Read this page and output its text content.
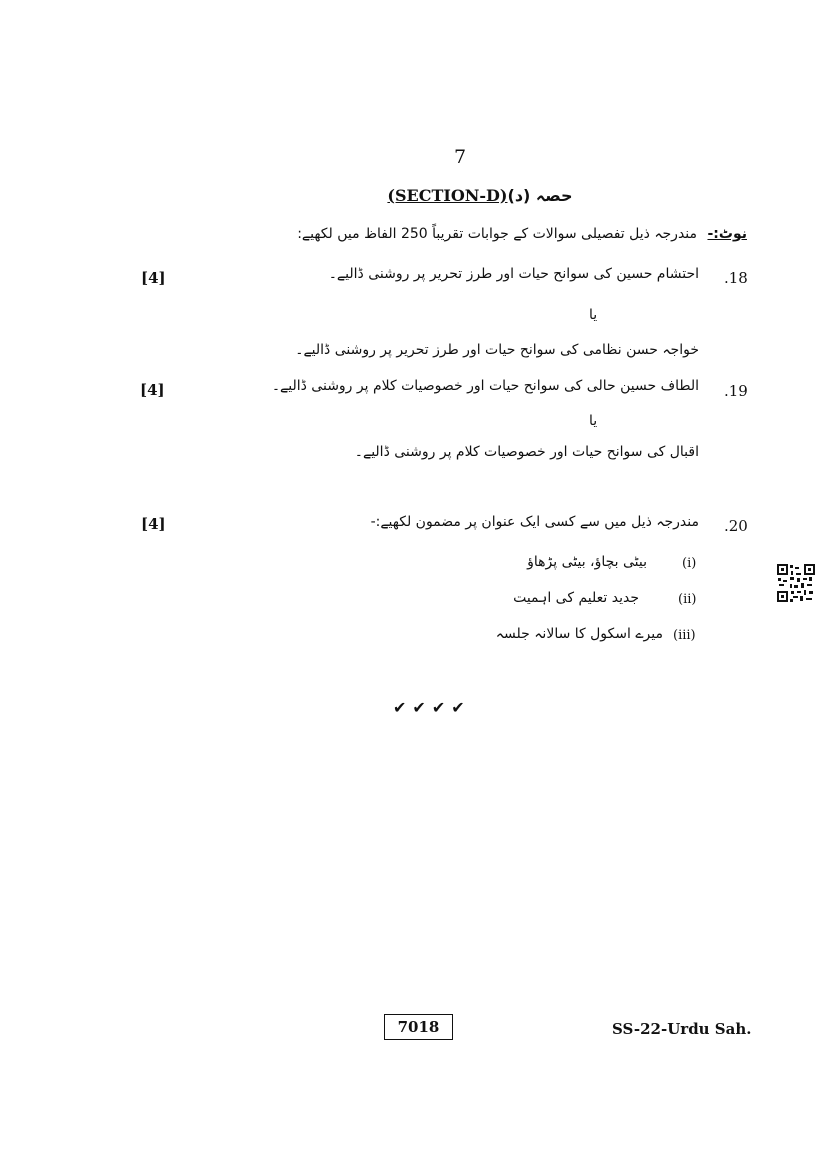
7
(SECTION-D)حصہ (د)
نوٹ:- مندرجہ ذیل تفصیلی سوالات کے جوابات تقریباً 250 الفاظ میں لکھیے:
.18
احتشام حسین کی سوانح حیات اور طرز تحریر پر روشنی ڈالیے۔
[4]
یا
خواجہ حسن نظامی کی سوانح حیات اور طرز تحریر پر روشنی ڈالیے۔
.19
الطاف حسین حالی کی سوانح حیات اور خصوصیات کلام پر روشنی ڈالیے۔
[4]
یا
اقبال کی سوانح حیات اور خصوصیات کلام پر روشنی ڈالیے۔
.20
مندرجہ ذیل میں سے کسی ایک عنوان پر مضمون لکھیے:-
[4]
(i)
بیٹی بچاؤ، بیٹی پڑھاؤ
(ii)
جدید تعلیم کی اہمیت
(iii)
میرے اسکول کا سالانہ جلسہ
✔✔✔✔
7018	SS-22-Urdu Sah.
